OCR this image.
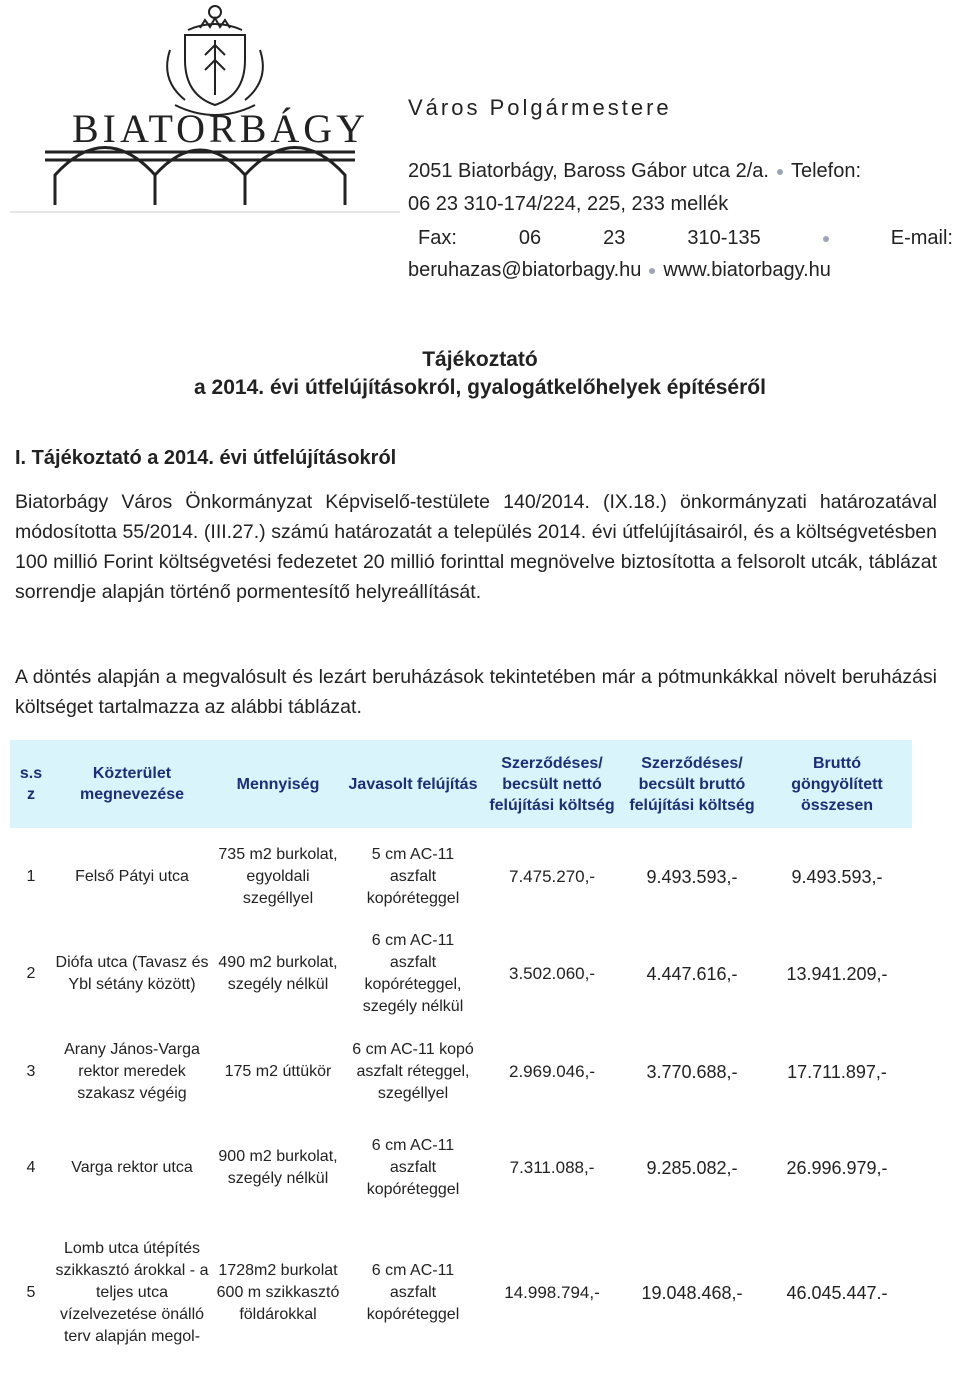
BIATORBÁGY Város Polgármestere
2051 Biatorbágy, Baross Gábor utca 2/a. Telefon:
06 23 310-174/224, 225, 233 mellék
Fax:	06	23	310-135	E-mail:
beruhazas@biatorbagy.hu www.biatorbagy.hu
Tájékoztató
a 2014. évi útfelújításokról, gyalogátkelőhelyek építéséről
I. Tájékoztató a 2014. évi útfelújításokról
Biatorbágy Város Önkormányzat Képviselő-testülete 140/2014. (IX.18.) önkormányzati határozatával módosította 55/2014. (III.27.) számú határozatát a település 2014. évi útfelújításairól, és a költségvetésben 100 millió Forint költségvetési fedezetet 20 millió forinttal megnövelve biztosította a felsorolt utcák, táblázat sorrendje alapján történő pormentesítő helyreállítását.
A döntés alapján a megvalósult és lezárt beruházások tekintetében már a pótmunkákkal növelt beruházási költséget tartalmazza az alábbi táblázat.
s.s z	Közterület megnevezése	Mennyiség	Javasolt felújítás	Szerződéses/ becsült nettó felújítási költség	Szerződéses/ becsült bruttó felújítási költség	Bruttó göngyölített összesen
1	Felső Pátyi utca	735 m2 burkolat, egyoldali szegéllyel	5 cm AC-11 aszfalt kopóréteggel	7.475.270,-	9.493.593,-	9.493.593,-
2	Diófa utca (Tavasz és Ybl sétány között)	490 m2 burkolat, szegély nélkül	6 cm AC-11 aszfalt kopóréteggel, szegély nélkül	3.502.060,-	4.447.616,-	13.941.209,-
3	Arany János-Varga rektor meredek szakasz végéig	175 m2 úttükör	6 cm AC-11 kopó aszfalt réteggel, szegéllyel	2.969.046,-	3.770.688,-	17.711.897,-
4	Varga rektor utca	900 m2 burkolat, szegély nélkül	6 cm AC-11 aszfalt kopóréteggel	7.311.088,-	9.285.082,-	26.996.979,-
5	Lomb utca útépítés szikkasztó árokkal - a teljes utca vízelvezetése önálló terv alapján megol-	1728m2 burkolat 600 m szikkasztó földárokkal	6 cm AC-11 aszfalt kopóréteggel	14.998.794,-	19.048.468,-	46.045.447.-
